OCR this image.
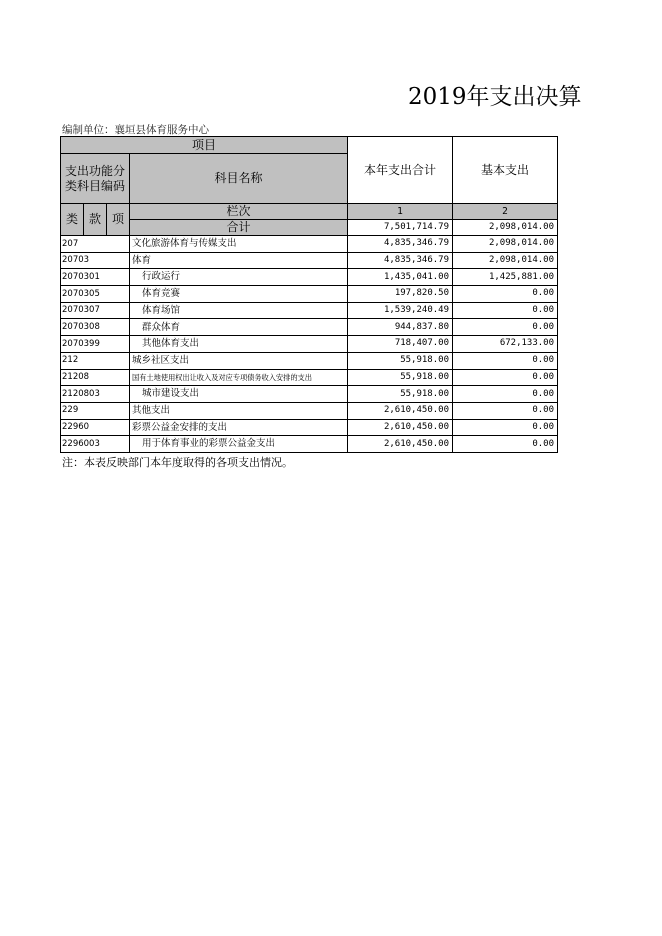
2019年支出决算
编制单位：襄垣县体育服务中心
项目				本年支出合计	基本支出
支出功能分类科目编码			科目名称		
类	款	项	栏次	1	2
			合计	7,501,714.79	2,098,014.00
207			文化旅游体育与传媒支出	4,835,346.79	2,098,014.00
20703			体育	4,835,346.79	2,098,014.00
2070301			行政运行	1,435,041.00	1,425,881.00
2070305			体育竞赛	197,820.50	0.00
2070307			体育场馆	1,539,240.49	0.00
2070308			群众体育	944,837.80	0.00
2070399			其他体育支出	718,407.00	672,133.00
212			城乡社区支出	55,918.00	0.00
21208			国有土地使用权出让收入及对应专项债务收入安排的支出	55,918.00	0.00
2120803			城市建设支出	55,918.00	0.00
229			其他支出	2,610,450.00	0.00
22960			彩票公益金安排的支出	2,610,450.00	0.00
2296003			用于体育事业的彩票公益金支出	2,610,450.00	0.00
注：本表反映部门本年度取得的各项支出情况。
